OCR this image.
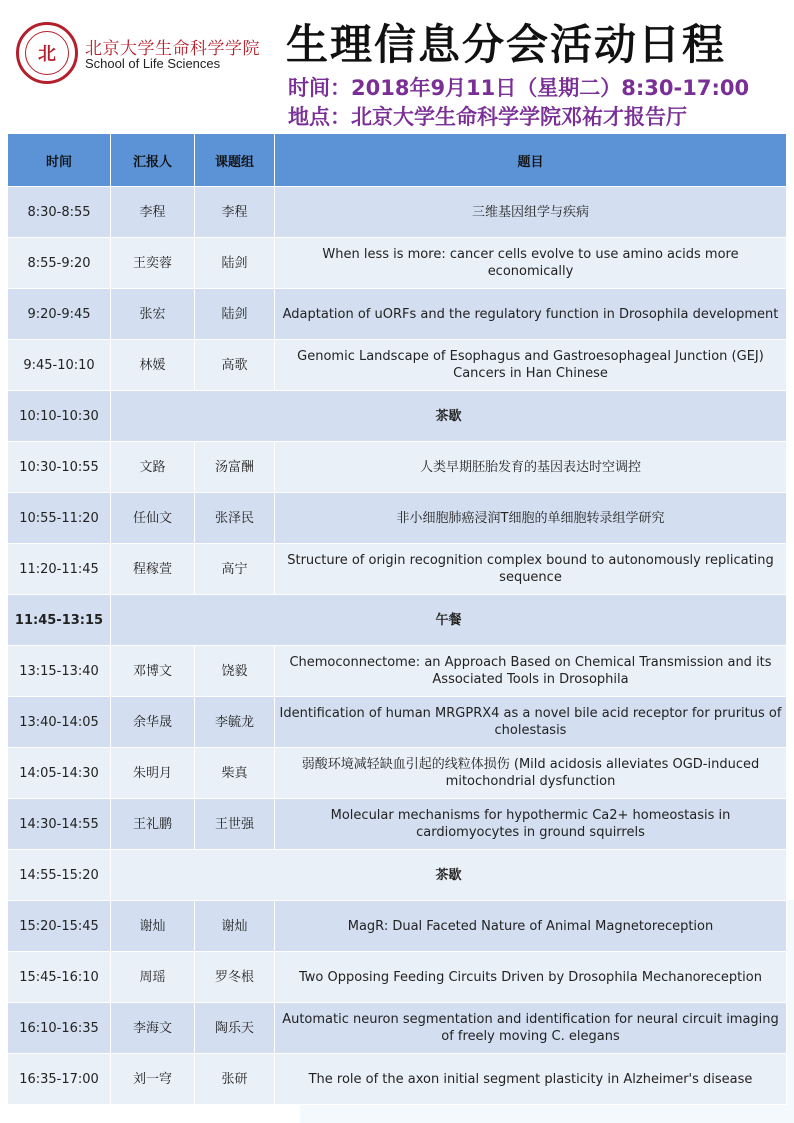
北	北京大学生命科学学院
School of Life Sciences 生理信息分会活动日程
时间：2018年9月11日（星期二）8:30-17:00
地点：北京大学生命科学学院邓祐才报告厅
时间	汇报人	课题组	题目
8:30-8:55	李程	李程	三维基因组学与疾病
8:55-9:20	王奕蓉	陆剑	When less is more: cancer cells evolve to use amino acids more economically
9:20-9:45	张宏	陆剑	Adaptation of uORFs and the regulatory function in Drosophila development
9:45-10:10	林媛	高歌	Genomic Landscape of Esophagus and Gastroesophageal Junction (GEJ) Cancers in Han Chinese
10:10-10:30	茶歇		
10:30-10:55	文路	汤富酬	人类早期胚胎发育的基因表达时空调控
10:55-11:20	任仙文	张泽民	非小细胞肺癌浸润T细胞的单细胞转录组学研究
11:20-11:45	程稼萱	高宁	Structure of origin recognition complex bound to autonomously replicating sequence
11:45-13:15	午餐		
13:15-13:40	邓博文	饶毅	Chemoconnectome: an Approach Based on Chemical Transmission and its Associated Tools in Drosophila
13:40-14:05	余华晟	李毓龙	Identification of human MRGPRX4 as a novel bile acid receptor for pruritus of cholestasis
14:05-14:30	朱明月	柴真	弱酸环境减轻缺血引起的线粒体损伤 (Mild acidosis alleviates OGD-induced mitochondrial dysfunction
14:30-14:55	王礼鹏	王世强	Molecular mechanisms for hypothermic Ca2+ homeostasis in cardiomyocytes in ground squirrels
14:55-15:20	茶歇		
15:20-15:45	谢灿	谢灿	MagR: Dual Faceted Nature of Animal Magnetoreception
15:45-16:10	周瑶	罗冬根	Two Opposing Feeding Circuits Driven by Drosophila Mechanoreception
16:10-16:35	李海文	陶乐天	Automatic neuron segmentation and identification for neural circuit imaging of freely moving C. elegans
16:35-17:00	刘一穹	张研	The role of the axon initial segment plasticity in Alzheimer's disease
